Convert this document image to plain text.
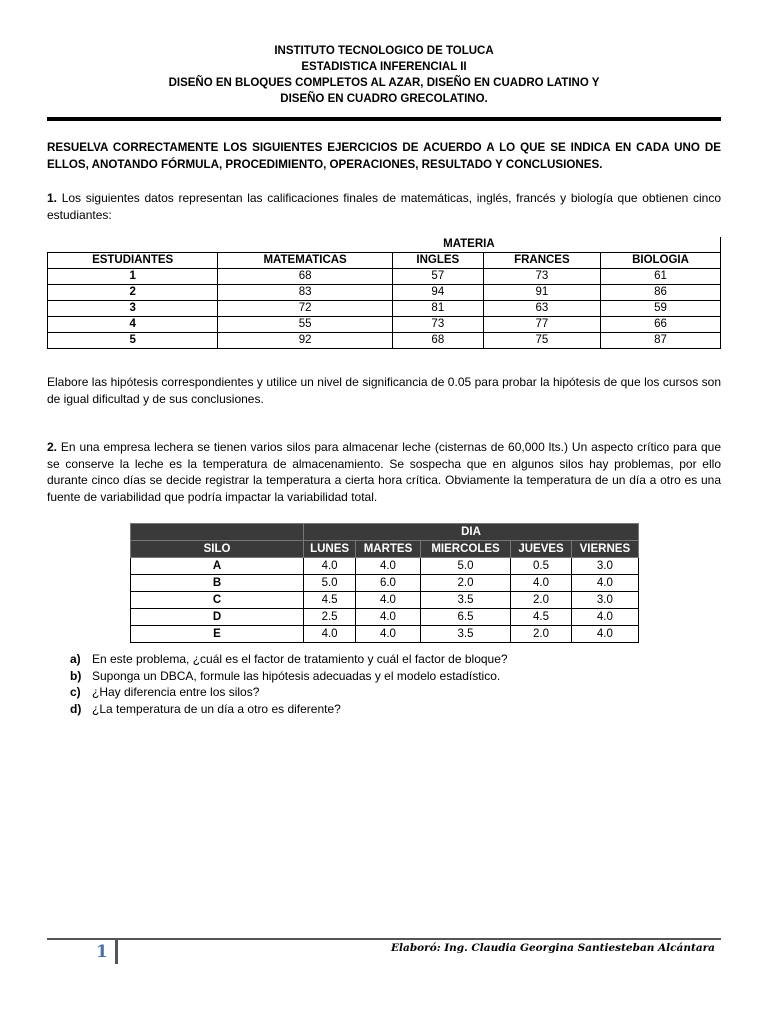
INSTITUTO TECNOLOGICO DE TOLUCA
ESTADISTICA INFERENCIAL II
DISEÑO EN BLOQUES COMPLETOS AL AZAR, DISEÑO EN CUADRO LATINO Y
DISEÑO EN CUADRO GRECOLATINO.
RESUELVA CORRECTAMENTE LOS SIGUIENTES EJERCICIOS DE ACUERDO A LO QUE SE INDICA EN CADA UNO DE ELLOS, ANOTANDO FÓRMULA, PROCEDIMIENTO, OPERACIONES, RESULTADO Y CONCLUSIONES.
1. Los siguientes datos representan las calificaciones finales de matemáticas, inglés, francés y biología que obtienen cinco estudiantes:
	MATERIA			
ESTUDIANTES	MATEMATICAS	INGLES	FRANCES	BIOLOGIA
1	68	57	73	61
2	83	94	91	86
3	72	81	63	59
4	55	73	77	66
5	92	68	75	87
Elabore las hipótesis correspondientes y utilice un nivel de significancia de 0.05 para probar la hipótesis de que los cursos son de igual dificultad y de sus conclusiones.
2. En una empresa lechera se tienen varios silos para almacenar leche (cisternas de 60,000 lts.) Un aspecto crítico para que se conserve la leche es la temperatura de almacenamiento. Se sospecha que en algunos silos hay problemas, por ello durante cinco días se decide registrar la temperatura a cierta hora crítica. Obviamente la temperatura de un día a otro es una fuente de variabilidad que podría impactar la variabilidad total.
	DIA				
SILO	LUNES	MARTES	MIERCOLES	JUEVES	VIERNES
A	4.0	4.0	5.0	0.5	3.0
B	5.0	6.0	2.0	4.0	4.0
C	4.5	4.0	3.5	2.0	3.0
D	2.5	4.0	6.5	4.5	4.0
E	4.0	4.0	3.5	2.0	4.0
a) En este problema, ¿cuál es el factor de tratamiento y cuál el factor de bloque?
b) Suponga un DBCA, formule las hipótesis adecuadas y el modelo estadístico.
c) ¿Hay diferencia entre los silos?
d) ¿La temperatura de un día a otro es diferente?
1	Elaboró: Ing. Claudia Georgina Santiesteban Alcántara
